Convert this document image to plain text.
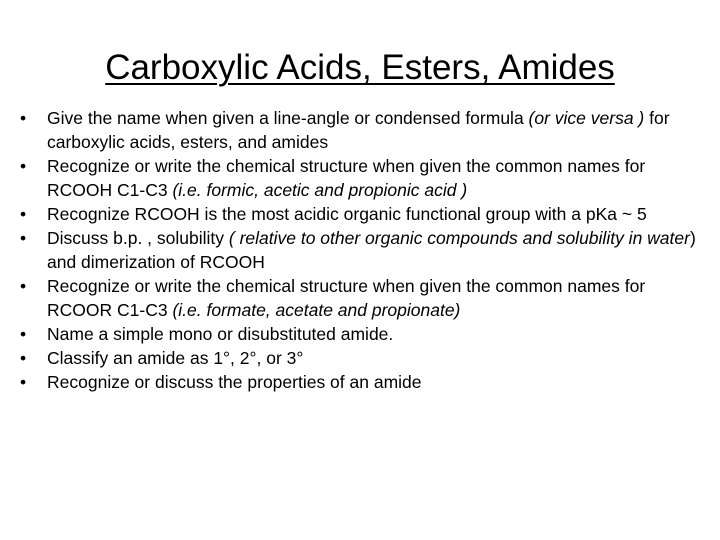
Carboxylic Acids, Esters, Amides
•	Give the name when given a line-angle or condensed formula (or vice versa ) for carboxylic acids, esters, and amides
•	Recognize or write the chemical structure when given the common names for RCOOH C1-C3 (i.e. formic, acetic and propionic acid )
•	Recognize RCOOH is the most acidic organic functional group with a pKa ~ 5
•	Discuss b.p. , solubility ( relative to other organic compounds and solubility in water) and dimerization of RCOOH
•	Recognize or write the chemical structure when given the common names for RCOOR C1-C3 (i.e. formate, acetate and propionate)
•	Name a simple mono or disubstituted amide.
•	Classify an amide as 1°, 2°, or 3°
•	Recognize or discuss the properties of an amide
